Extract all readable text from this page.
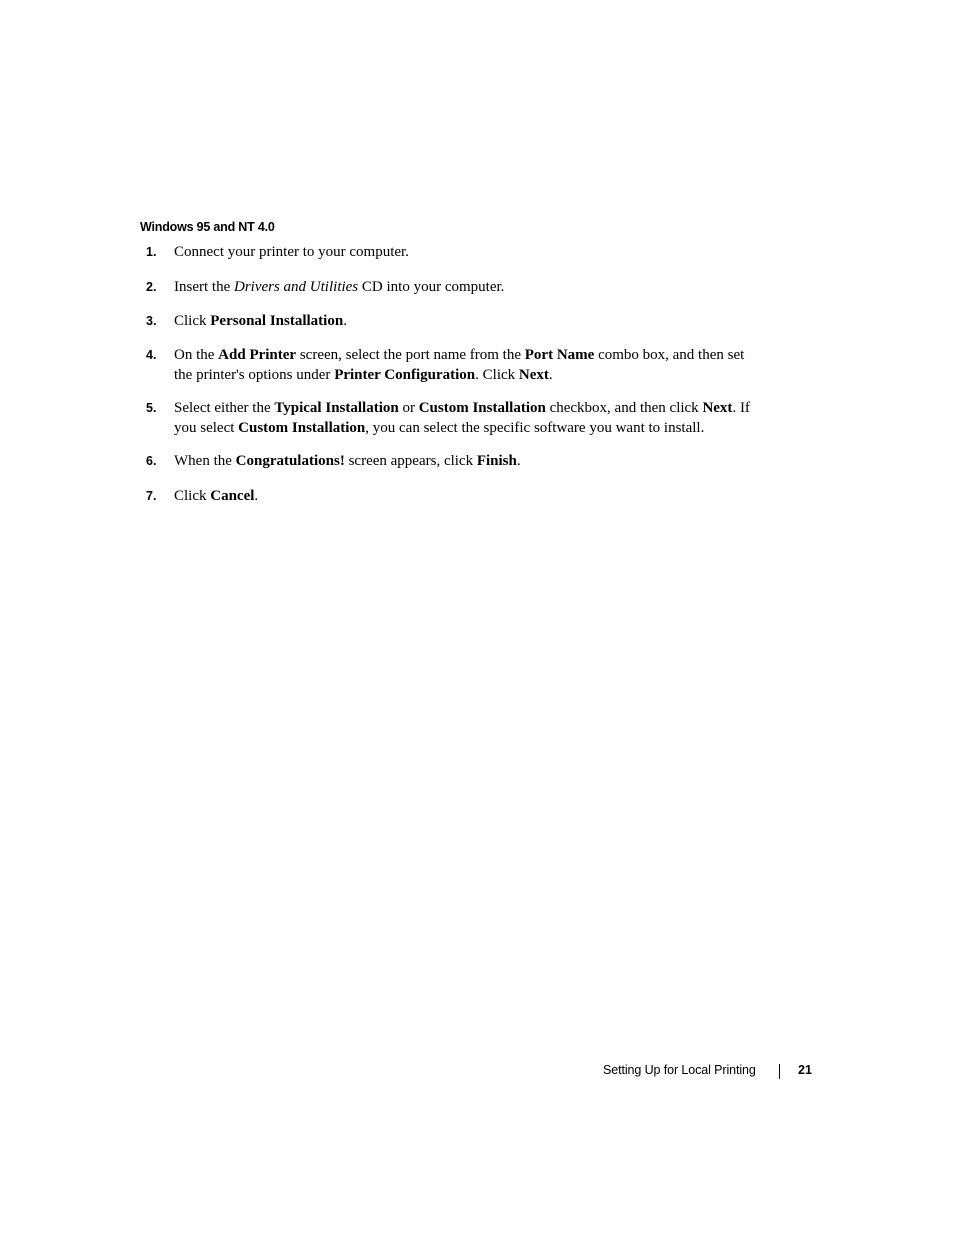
Windows 95 and NT 4.0
1. Connect your printer to your computer.
2. Insert the Drivers and Utilities CD into your computer.
3. Click Personal Installation.
4. On the Add Printer screen, select the port name from the Port Name combo box, and then set the printer's options under Printer Configuration. Click Next.
5. Select either the Typical Installation or Custom Installation checkbox, and then click Next. If you select Custom Installation, you can select the specific software you want to install.
6. When the Congratulations! screen appears, click Finish.
7. Click Cancel.
Setting Up for Local Printing	21
